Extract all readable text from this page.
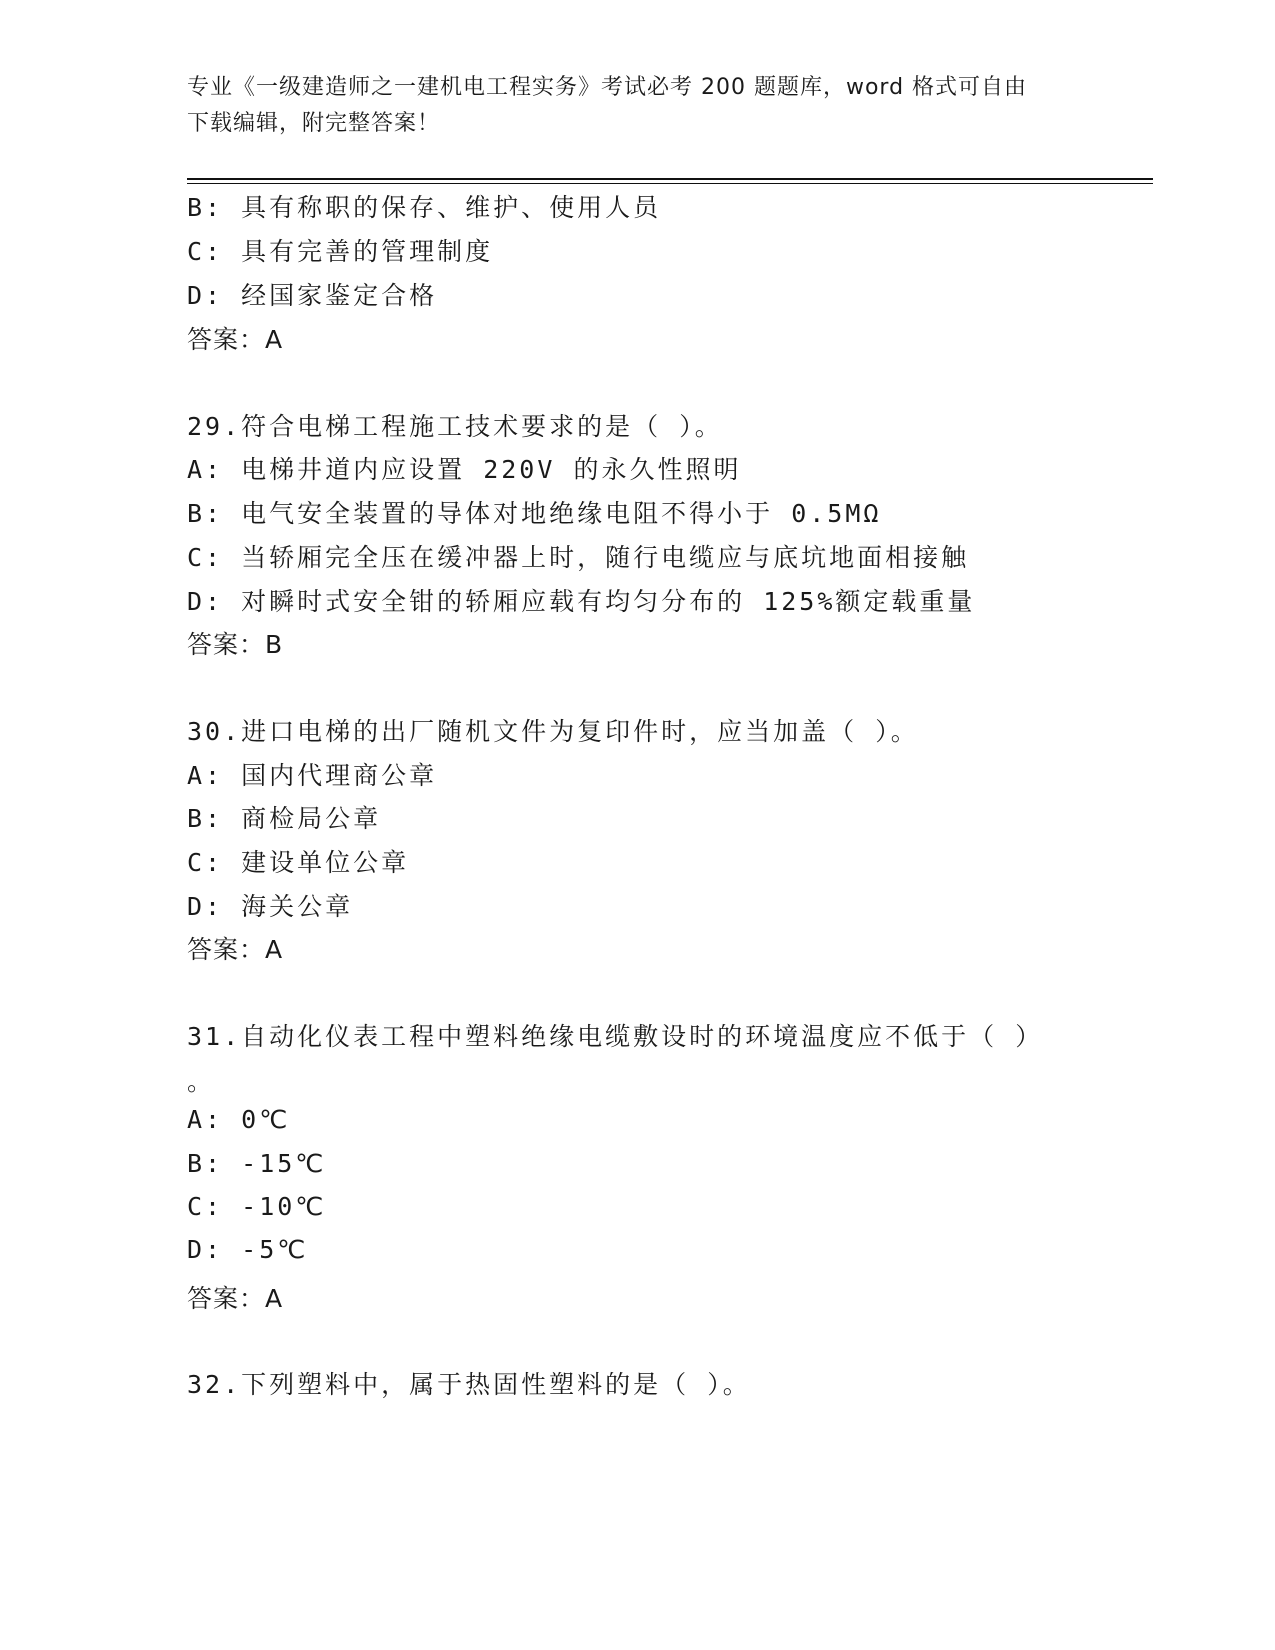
专业《一级建造师之一建机电工程实务》考试必考 200 题题库，word 格式可自由
下载编辑，附完整答案！
B: 具有称职的保存、维护、使用人员
C: 具有完善的管理制度
D: 经国家鉴定合格
答案：A
29.符合电梯工程施工技术要求的是（ ）。
A: 电梯井道内应设置 220V 的永久性照明
B: 电气安全装置的导体对地绝缘电阻不得小于 0.5MΩ
C: 当轿厢完全压在缓冲器上时，随行电缆应与底坑地面相接触
D: 对瞬时式安全钳的轿厢应载有均匀分布的 125%额定载重量
答案：B
30.进口电梯的出厂随机文件为复印件时，应当加盖（ ）。
A: 国内代理商公章
B: 商检局公章
C: 建设单位公章
D: 海关公章
答案：A
31.自动化仪表工程中塑料绝缘电缆敷设时的环境温度应不低于（ ）
。
A: 0℃
B: -15℃
C: -10℃
D: -5℃
答案：A
32.下列塑料中，属于热固性塑料的是（ ）。
